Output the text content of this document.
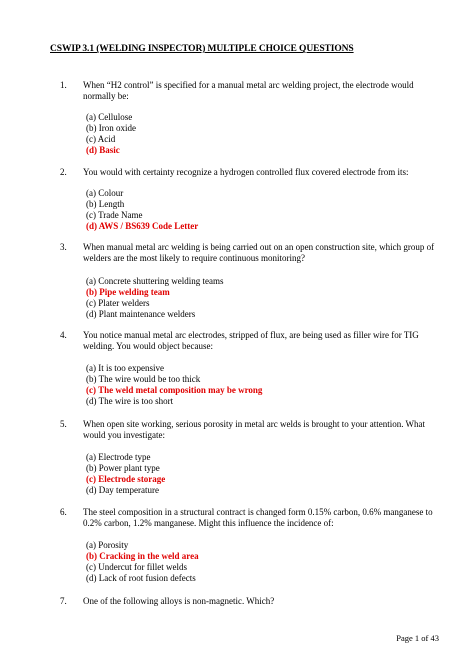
CSWIP 3.1 (WELDING INSPECTOR) MULTIPLE CHOICE QUESTIONS
1. When “H2 control” is specified for a manual metal arc welding project, the electrode would normally be:
(a) Cellulose
(b) Iron oxide
(c) Acid
(d) Basic
2. You would with certainty recognize a hydrogen controlled flux covered electrode from its:
(a) Colour
(b) Length
(c) Trade Name
(d) AWS / BS639 Code Letter
3. When manual metal arc welding is being carried out on an open construction site, which group of welders are the most likely to require continuous monitoring?
(a) Concrete shuttering welding teams
(b) Pipe welding team
(c) Plater welders
(d) Plant maintenance welders
4. You notice manual metal arc electrodes, stripped of flux, are being used as filler wire for TIG welding. You would object because:
(a) It is too expensive
(b) The wire would be too thick
(c) The weld metal composition may be wrong
(d) The wire is too short
5. When open site working, serious porosity in metal arc welds is brought to your attention. What would you investigate:
(a) Electrode type
(b) Power plant type
(c) Electrode storage
(d) Day temperature
6. The steel composition in a structural contract is changed form 0.15% carbon, 0.6% manganese to 0.2% carbon, 1.2% manganese. Might this influence the incidence of:
(a) Porosity
(b) Cracking in the weld area
(c) Undercut for fillet welds
(d) Lack of root fusion defects
7. One of the following alloys is non-magnetic. Which?
Page 1 of 43
